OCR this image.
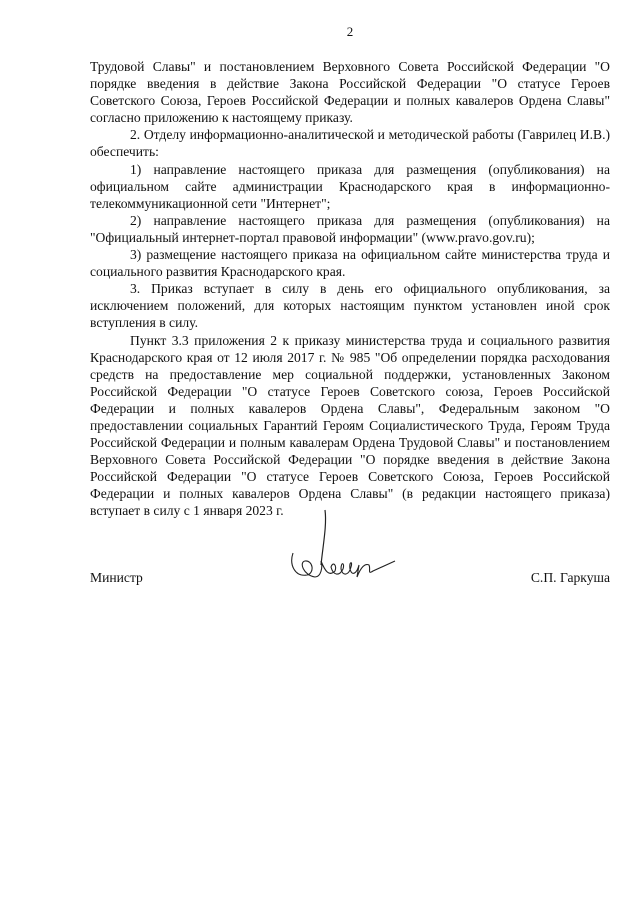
2

Трудовой Славы" и постановлением Верховного Совета Российской Федерации "О порядке введения в действие Закона Российской Федерации "О статусе Героев Советского Союза, Героев Российской Федерации и полных кавалеров Ордена Славы" согласно приложению к настоящему приказу.

2. Отделу информационно-аналитической и методической работы (Гаврилец И.В.) обеспечить:

1) направление настоящего приказа для размещения (опубликования) на официальном сайте администрации Краснодарского края в информационно-телекоммуникационной сети "Интернет";

2) направление настоящего приказа для размещения (опубликования) на "Официальный интернет-портал правовой информации" (www.pravo.gov.ru);

3) размещение настоящего приказа на официальном сайте министерства труда и социального развития Краснодарского края.

3. Приказ вступает в силу в день его официального опубликования, за исключением положений, для которых настоящим пунктом установлен иной срок вступления в силу.

Пункт 3.3 приложения 2 к приказу министерства труда и социального развития Краснодарского края от 12 июля 2017 г. № 985 "Об определении порядка расходования средств на предоставление мер социальной поддержки, установленных Законом Российской Федерации "О статусе Героев Советского союза, Героев Российской Федерации и полных кавалеров Ордена Славы", Федеральным законом "О предоставлении социальных Гарантий Героям Социалистического Труда, Героям Труда Российской Федерации и полным кавалерам Ордена Трудовой Славы" и постановлением Верховного Совета Российской Федерации "О порядке введения в действие Закона Российской Федерации "О статусе Героев Советского Союза, Героев Российской Федерации и полных кавалеров Ордена Славы" (в редакции настоящего приказа) вступает в силу с 1 января 2023 г.

Министр	С.П. Гаркуша
